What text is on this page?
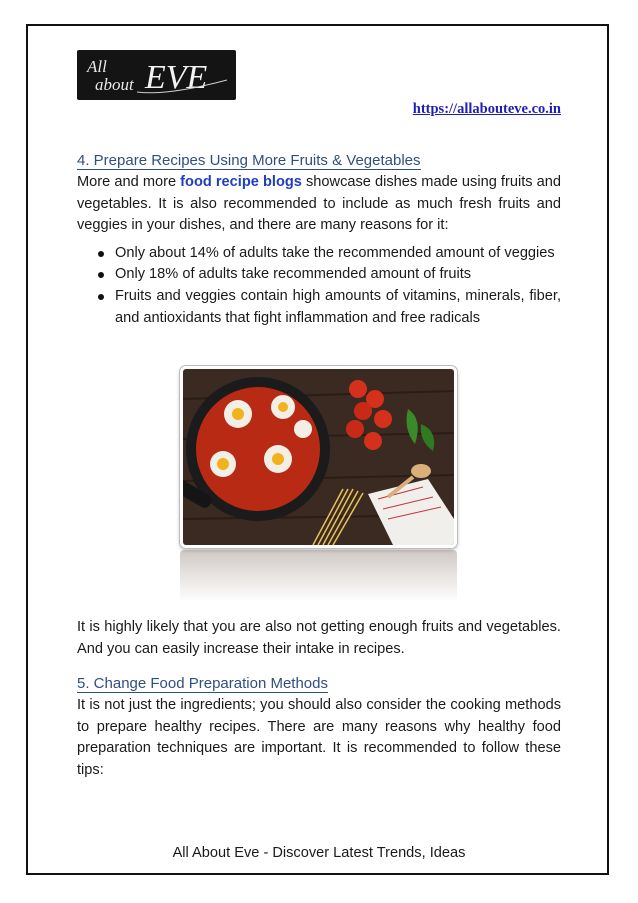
All
about EVE
https://allabouteve.co.in
4. Prepare Recipes Using More Fruits & Vegetables

More and more food recipe blogs showcase dishes made using fruits and vegetables. It is also recommended to include as much fresh fruits and veggies in your dishes, and there are many reasons for it:

Only about 14% of adults take the recommended amount of veggies
Only 18% of adults take recommended amount of fruits
Fruits and veggies contain high amounts of vitamins, minerals, fiber, and antioxidants that fight inflammation and free radicals

It is highly likely that you are also not getting enough fruits and vegetables. And you can easily increase their intake in recipes.

5. Change Food Preparation Methods

It is not just the ingredients; you should also consider the cooking methods to prepare healthy recipes. There are many reasons why healthy food preparation techniques are important. It is recommended to follow these tips:

All About Eve - Discover Latest Trends, Ideas
